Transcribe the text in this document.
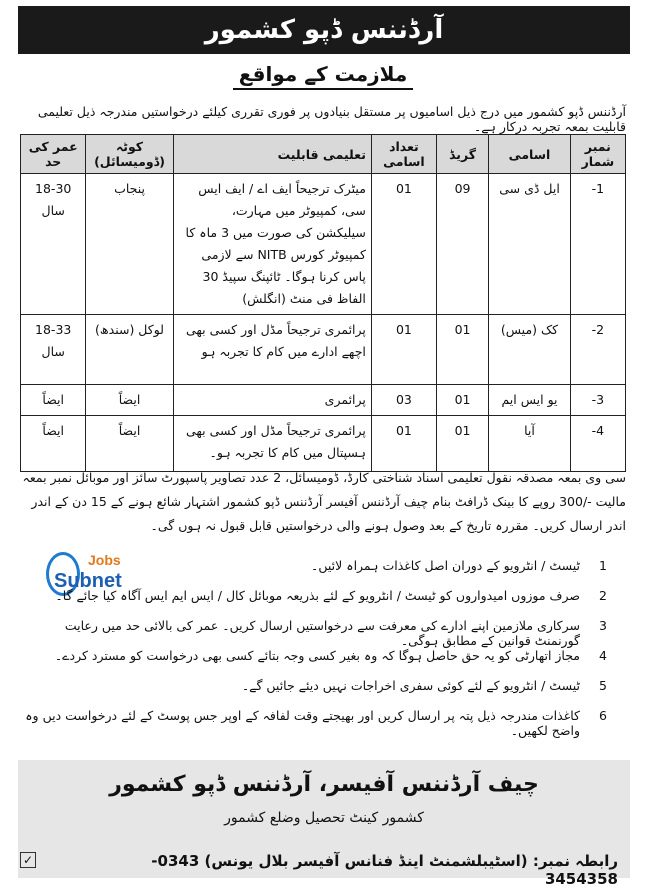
آرڈننس ڈپو کشمور
ملازمت کے مواقع
آرڈننس ڈپو کشمور میں درج ذیل اسامیوں پر مستقل بنیادوں پر فوری تقرری کیلئے درخواستیں مندرجہ ذیل تعلیمی قابلیت بمعہ تجربہ درکار ہے۔
نمبر شمار	اسامی	گریڈ	تعداد اسامی	تعلیمی قابلیت	کوٹہ (ڈومیسائل)	عمر کی حد
1-	ایل ڈی سی	09	01	میٹرک ترجیحاً ایف اے / ایف ایس سی، کمپیوٹر میں مہارت، سیلیکشن کی صورت میں 3 ماہ کا کمپیوٹر کورس NITB سے لازمی پاس کرنا ہوگا۔ ٹائپنگ سپیڈ 30 الفاظ فی منٹ (انگلش)	پنجاب	18-30 سال
2-	کک (میس)	01	01	پرائمری ترجیحاً مڈل اور کسی بھی اچھے ادارے میں کام کا تجربہ ہو	لوکل (سندھ)	18-33 سال
3-	یو ایس ایم	01	03	پرائمری	ایضاً	ایضاً
4-	آیا	01	01	پرائمری ترجیحاً مڈل اور کسی بھی ہسپتال میں کام کا تجربہ ہو۔	ایضاً	ایضاً
سی وی بمعہ مصدقہ نقول تعلیمی اسناد شناختی کارڈ، ڈومیسائل، 2 عدد تصاویر پاسپورٹ سائز اور موبائل نمبر بمعہ مالیت -/300 روپے کا بینک ڈرافٹ بنام چیف آرڈننس آفیسر آرڈننس ڈپو کشمور اشتہار شائع ہونے کے 15 دن کے اندر اندر ارسال کریں۔ مقررہ تاریخ کے بعد وصول ہونے والی درخواستیں قابل قبول نہ ہوں گی۔
Jobs
Subnet
1
ٹیسٹ / انٹرویو کے دوران اصل کاغذات ہمراہ لائیں۔
2
صرف موزوں امیدواروں کو ٹیسٹ / انٹرویو کے لئے بذریعہ موبائل کال / ایس ایم ایس آگاہ کیا جائے گا۔
3
سرکاری ملازمین اپنے ادارے کی معرفت سے درخواستیں ارسال کریں۔ عمر کی بالائی حد میں رعایت گورنمنٹ قوانین کے مطابق ہوگی۔
4
مجاز اتھارٹی کو یہ حق حاصل ہوگا کہ وہ بغیر کسی وجہ بتائے کسی بھی درخواست کو مسترد کردے۔
5
ٹیسٹ / انٹرویو کے لئے کوئی سفری اخراجات نہیں دیئے جائیں گے۔
6
کاغذات مندرجہ ذیل پتہ پر ارسال کریں اور بھیجتے وقت لفافہ کے اوپر جس پوسٹ کے لئے درخواست دیں وہ واضح لکھیں۔
چیف آرڈننس آفیسر، آرڈننس ڈپو کشمور
کشمور کینٹ تحصیل وضلع کشمور
رابطہ نمبر: (اسٹیبلشمنٹ اینڈ فنانس آفیسر بلال یونس) 0343-3454358
✓
